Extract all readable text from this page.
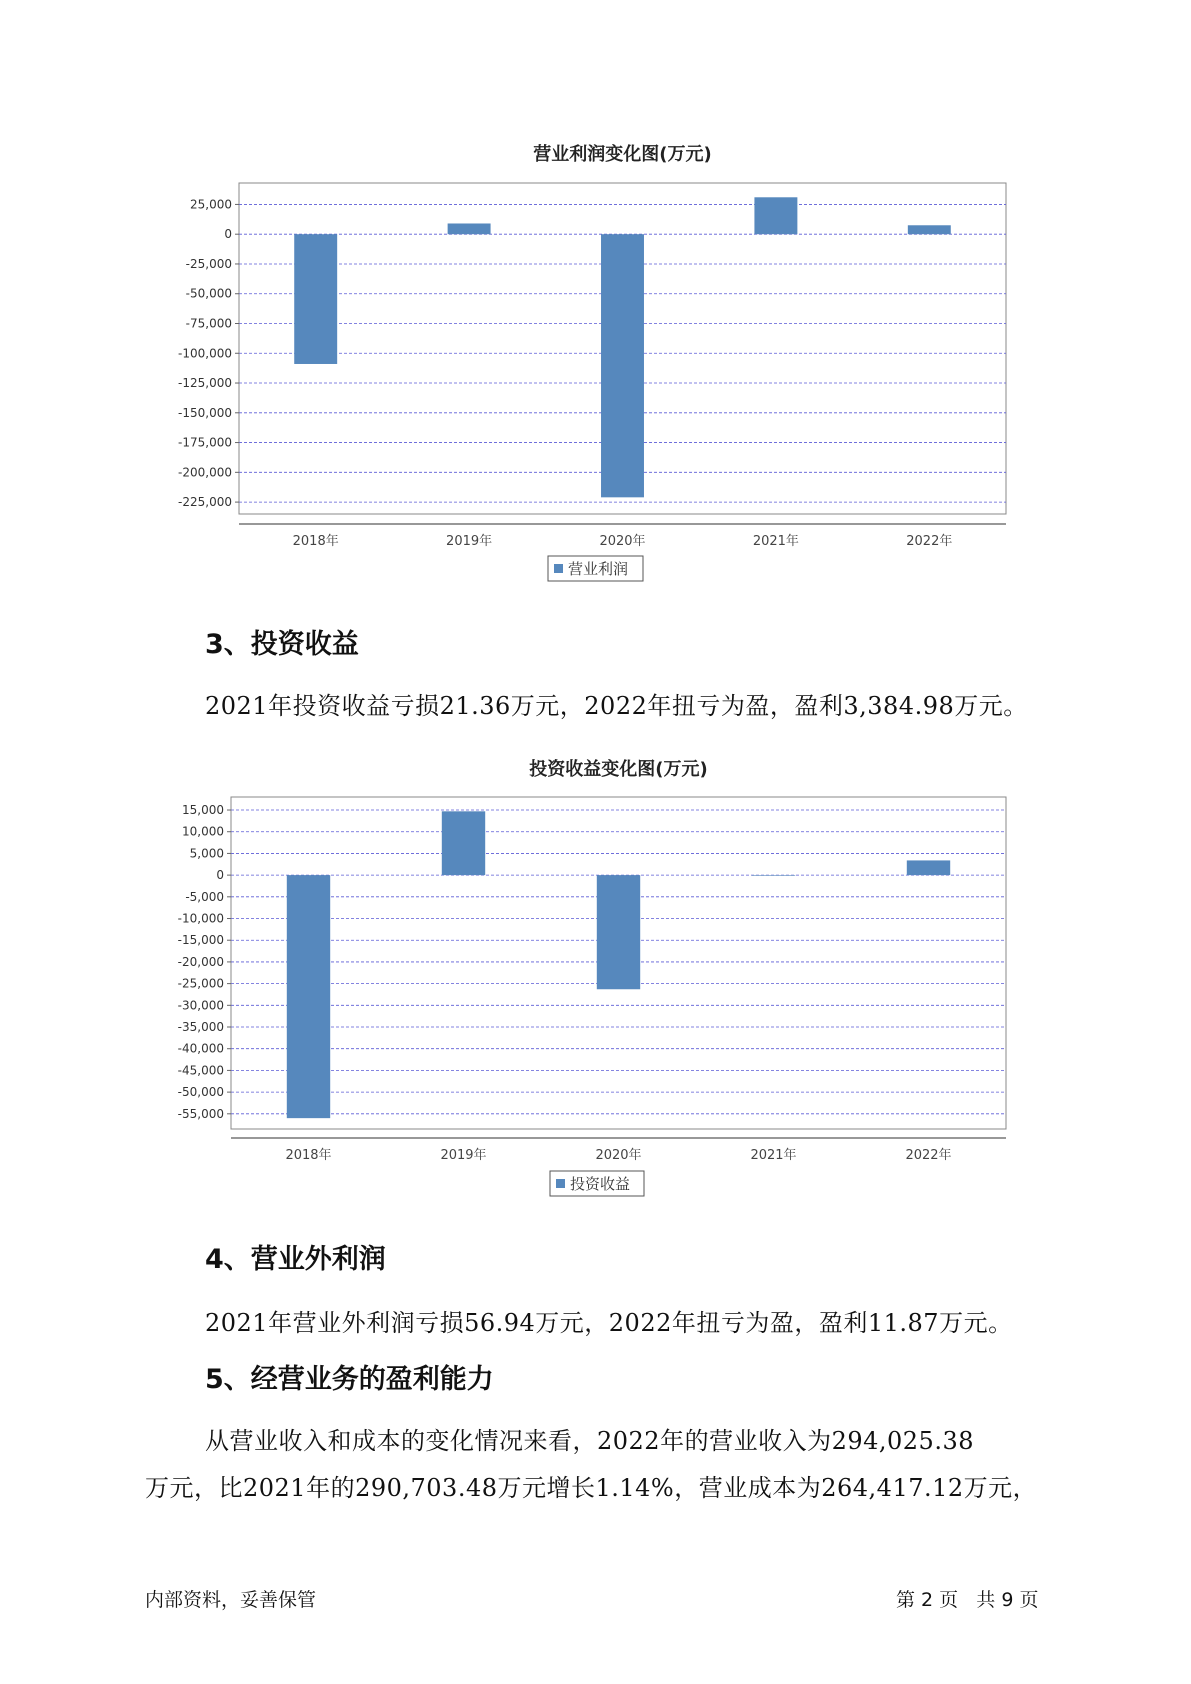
营业利润变化图(万元)
25,000
0
-25,000
-50,000
-75,000
-100,000
-125,000
-150,000
-175,000
-200,000
-225,000
2018年	2019年	2020年	2021年	2022年
营业利润
3、投资收益
2021年投资收益亏损21.36万元，2022年扭亏为盈，盈利3,384.98万元。
投资收益变化图(万元)
15,000
10,000
5,000
0
-5,000
-10,000
-15,000
-20,000
-25,000
-30,000
-35,000
-40,000
-45,000
-50,000
-55,000
2018年	2019年	2020年	2021年	2022年
投资收益
4、营业外利润
2021年营业外利润亏损56.94万元，2022年扭亏为盈，盈利11.87万元。
5、经营业务的盈利能力
从营业收入和成本的变化情况来看，2022年的营业收入为294,025.38
万元，比2021年的290,703.48万元增长1.14%，营业成本为264,417.12万元，
内部资料，妥善保管	第 2 页   共 9 页
